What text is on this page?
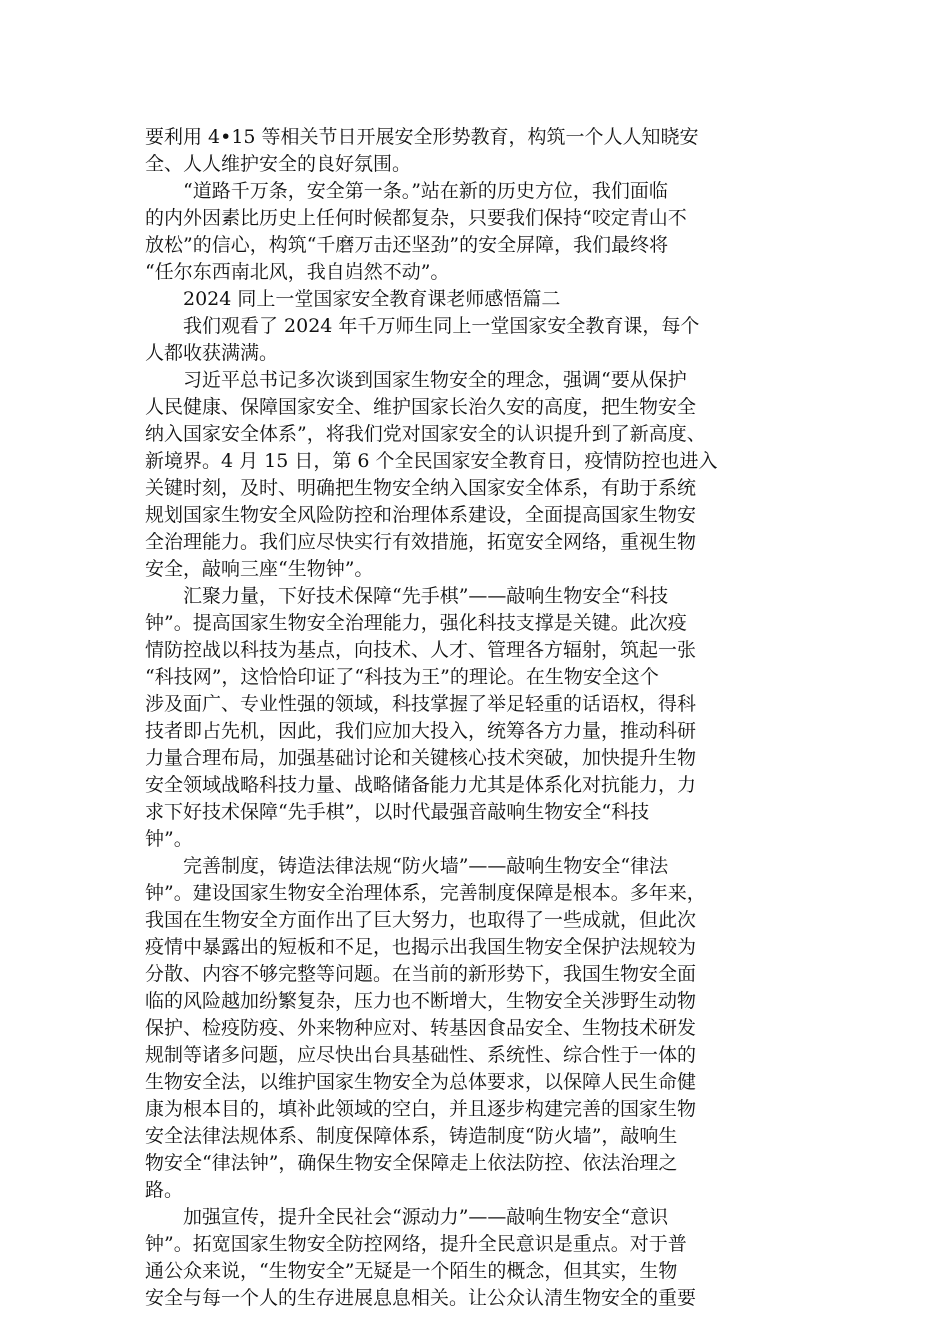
要利用 4•15 等相关节日开展安全形势教育，构筑一个人人知晓安
全、人人维护安全的良好氛围。
　　“道路千万条，安全第一条。”站在新的历史方位，我们面临
的内外因素比历史上任何时候都复杂，只要我们保持“咬定青山不
放松”的信心，构筑“千磨万击还坚劲”的安全屏障，我们最终将
“任尔东西南北风，我自岿然不动”。
　　2024 同上一堂国家安全教育课老师感悟篇二
　　我们观看了 2024 年千万师生同上一堂国家安全教育课，每个
人都收获满满。
　　习近平总书记多次谈到国家生物安全的理念，强调“要从保护
人民健康、保障国家安全、维护国家长治久安的高度，把生物安全
纳入国家安全体系”，将我们党对国家安全的认识提升到了新高度、
新境界。4 月 15 日，第 6 个全民国家安全教育日，疫情防控也进入
关键时刻，及时、明确把生物安全纳入国家安全体系，有助于系统
规划国家生物安全风险防控和治理体系建设，全面提高国家生物安
全治理能力。我们应尽快实行有效措施，拓宽安全网络，重视生物
安全，敲响三座“生物钟”。
　　汇聚力量，下好技术保障“先手棋”——敲响生物安全“科技
钟”。提高国家生物安全治理能力，强化科技支撑是关键。此次疫
情防控战以科技为基点，向技术、人才、管理各方辐射，筑起一张
“科技网”，这恰恰印证了“科技为王”的理论。在生物安全这个
涉及面广、专业性强的领域，科技掌握了举足轻重的话语权，得科
技者即占先机，因此，我们应加大投入，统筹各方力量，推动科研
力量合理布局，加强基础讨论和关键核心技术突破，加快提升生物
安全领域战略科技力量、战略储备能力尤其是体系化对抗能力，力
求下好技术保障“先手棋”，以时代最强音敲响生物安全“科技
钟”。
　　完善制度，铸造法律法规“防火墙”——敲响生物安全“律法
钟”。建设国家生物安全治理体系，完善制度保障是根本。多年来，
我国在生物安全方面作出了巨大努力，也取得了一些成就，但此次
疫情中暴露出的短板和不足，也揭示出我国生物安全保护法规较为
分散、内容不够完整等问题。在当前的新形势下，我国生物安全面
临的风险越加纷繁复杂，压力也不断增大，生物安全关涉野生动物
保护、检疫防疫、外来物种应对、转基因食品安全、生物技术研发
规制等诸多问题，应尽快出台具基础性、系统性、综合性于一体的
生物安全法，以维护国家生物安全为总体要求，以保障人民生命健
康为根本目的，填补此领域的空白，并且逐步构建完善的国家生物
安全法律法规体系、制度保障体系，铸造制度“防火墙”，敲响生
物安全“律法钟”，确保生物安全保障走上依法防控、依法治理之
路。
　　加强宣传，提升全民社会“源动力”——敲响生物安全“意识
钟”。拓宽国家生物安全防控网络，提升全民意识是重点。对于普
通公众来说，“生物安全”无疑是一个陌生的概念，但其实，生物
安全与每一个人的生存进展息息相关。让公众认清生物安全的重要
